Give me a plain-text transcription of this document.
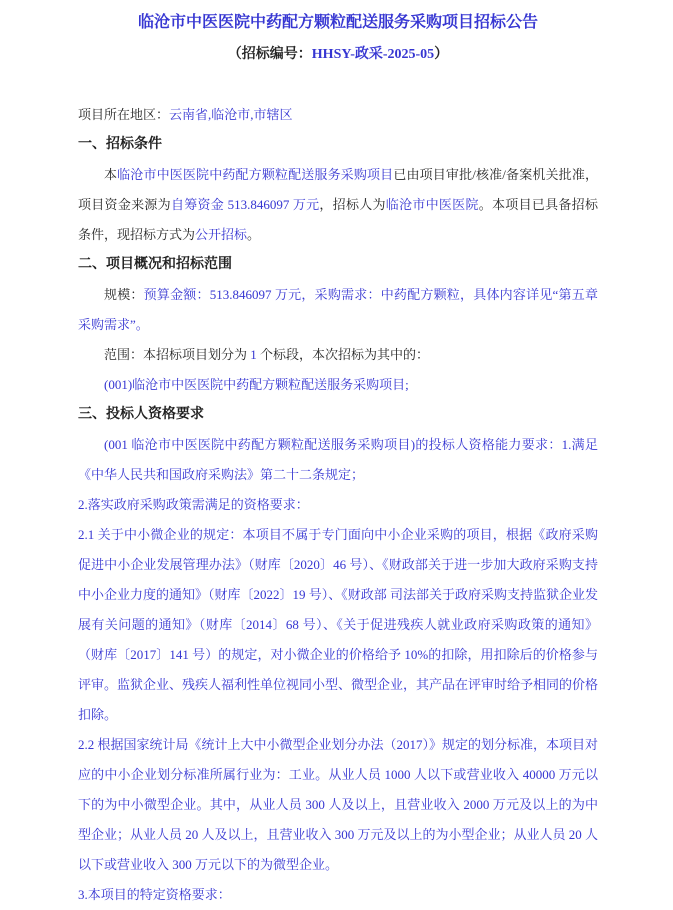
临沧市中医医院中药配方颗粒配送服务采购项目招标公告
（招标编号：HHSY-政采-2025-05）
项目所在地区：云南省,临沧市,市辖区
一、招标条件
本临沧市中医医院中药配方颗粒配送服务采购项目已由项目审批/核准/备案机关批准，项目资金来源为自筹资金 513.846097 万元，招标人为临沧市中医医院。本项目已具备招标条件，现招标方式为公开招标。
二、项目概况和招标范围
规模：预算金额：513.846097 万元，采购需求：中药配方颗粒，具体内容详见“第五章采购需求”。
范围：本招标项目划分为 1 个标段，本次招标为其中的：
(001)临沧市中医医院中药配方颗粒配送服务采购项目;
三、投标人资格要求
(001 临沧市中医医院中药配方颗粒配送服务采购项目)的投标人资格能力要求：1.满足《中华人民共和国政府采购法》第二十二条规定；
2.落实政府采购政策需满足的资格要求：
2.1 关于中小微企业的规定：本项目不属于专门面向中小企业采购的项目，根据《政府采购促进中小企业发展管理办法》（财库〔2020〕46 号）、《财政部关于进一步加大政府采购支持中小企业力度的通知》（财库〔2022〕19 号）、《财政部 司法部关于政府采购支持监狱企业发展有关问题的通知》（财库〔2014〕68 号）、《关于促进残疾人就业政府采购政策的通知》（财库〔2017〕141 号）的规定，对小微企业的价格给予 10%的扣除，用扣除后的价格参与评审。监狱企业、残疾人福利性单位视同小型、微型企业，其产品在评审时给予相同的价格扣除。
2.2 根据国家统计局《统计上大中小微型企业划分办法（2017）》规定的划分标准，本项目对应的中小企业划分标准所属行业为：工业。从业人员 1000 人以下或营业收入 40000 万元以下的为中小微型企业。其中，从业人员 300 人及以上，且营业收入 2000 万元及以上的为中型企业；从业人员 20 人及以上，且营业收入 300 万元及以上的为小型企业；从业人员 20 人以下或营业收入 300 万元以下的为微型企业。
3.本项目的特定资格要求：
